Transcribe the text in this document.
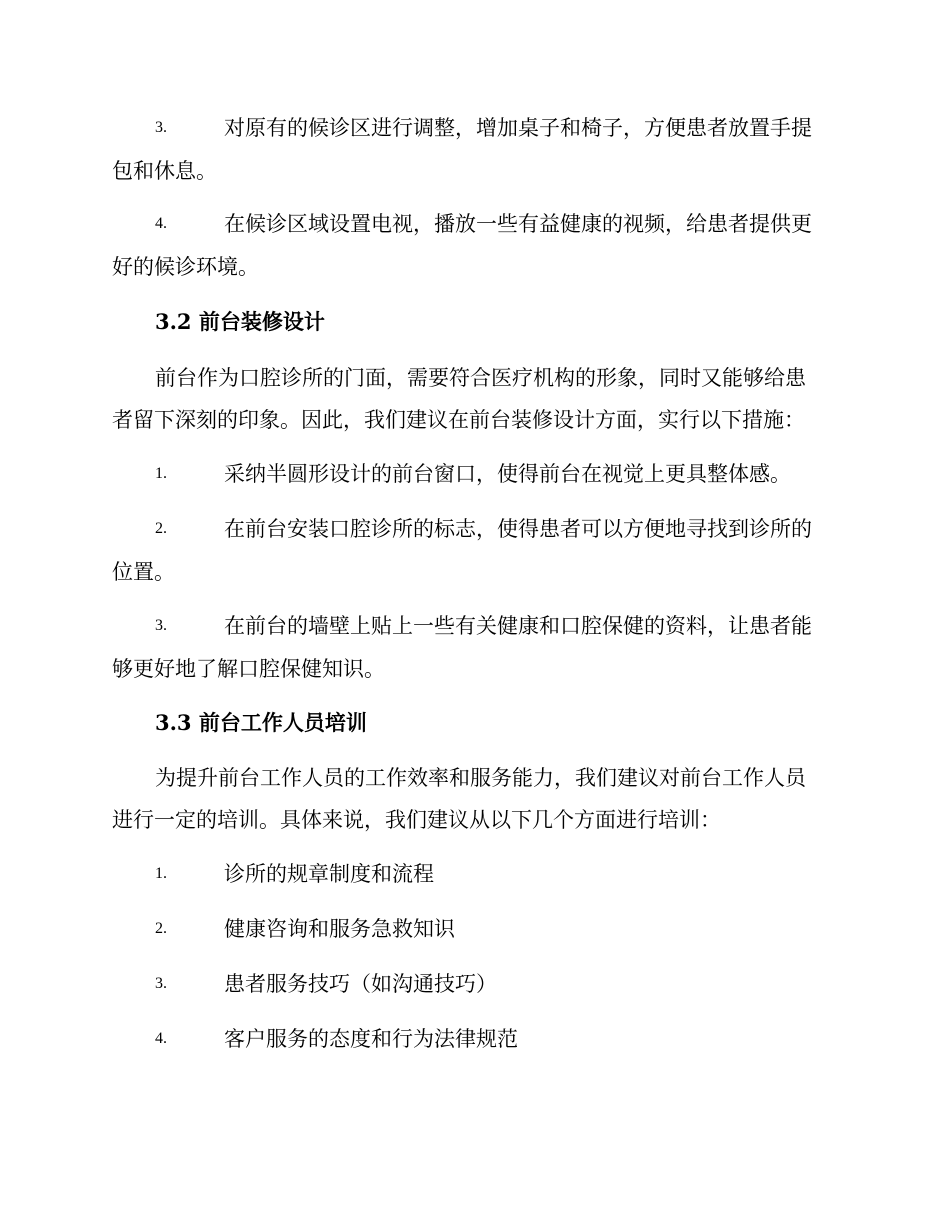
3.	对原有的候诊区进行调整，增加桌子和椅子，方便患者放置手提
包和休息。
4.	在候诊区域设置电视，播放一些有益健康的视频，给患者提供更
好的候诊环境。
3.2 前台装修设计
前台作为口腔诊所的门面，需要符合医疗机构的形象，同时又能够给患
者留下深刻的印象。因此，我们建议在前台装修设计方面，实行以下措施：
1.	采纳半圆形设计的前台窗口，使得前台在视觉上更具整体感。
2.	在前台安装口腔诊所的标志，使得患者可以方便地寻找到诊所的
位置。
3.	在前台的墙壁上贴上一些有关健康和口腔保健的资料，让患者能
够更好地了解口腔保健知识。
3.3 前台工作人员培训
为提升前台工作人员的工作效率和服务能力，我们建议对前台工作人员
进行一定的培训。具体来说，我们建议从以下几个方面进行培训：
1.	诊所的规章制度和流程
2.	健康咨询和服务急救知识
3.	患者服务技巧（如沟通技巧）
4.	客户服务的态度和行为法律规范
